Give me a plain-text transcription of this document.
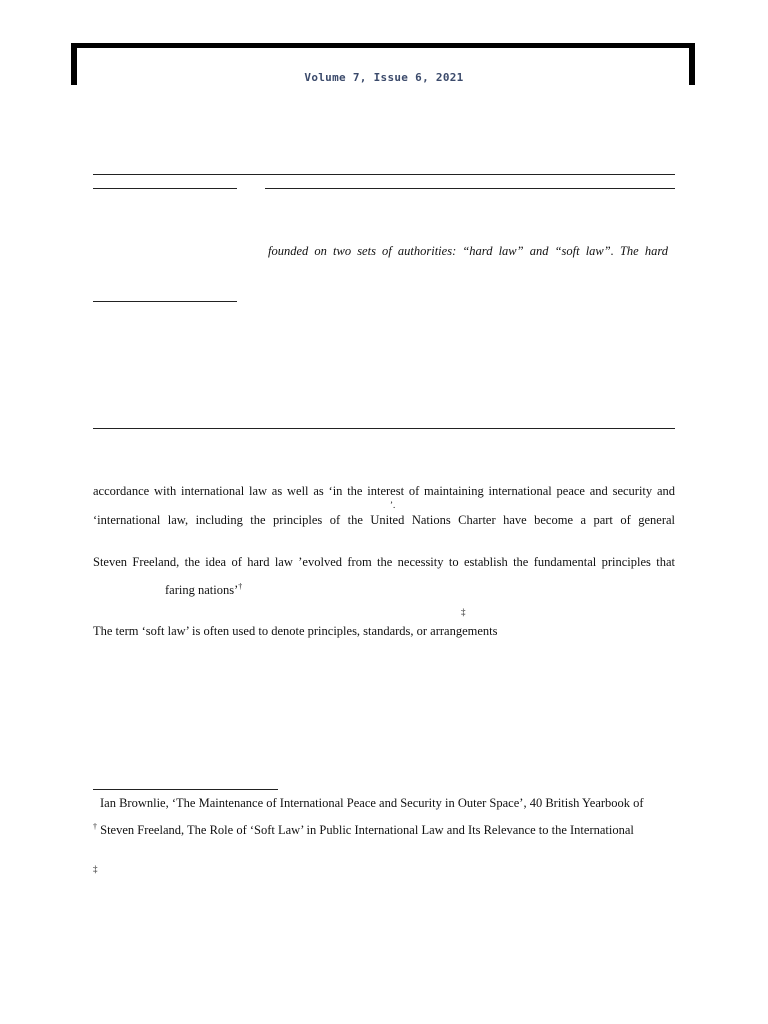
Volume 7, Issue 6, 2021
founded on two sets of authorities: “hard law” and “soft law”. The hard
accordance with international law as well as ‘in the interest of maintaining international peace and security and
’.
‘international law, including the principles of the United Nations Charter have become a part of general
Steven Freeland, the idea of hard law ’evolved from the necessity to establish the fundamental principles that
faring nations’†
‡
The term ‘soft law’ is often used to denote principles, standards, or arrangements
Ian Brownlie, ‘The Maintenance of International Peace and Security in Outer Space’, 40 British Yearbook of
† Steven Freeland, The Role of ‘Soft Law’ in Public International Law and Its Relevance to the International
‡
